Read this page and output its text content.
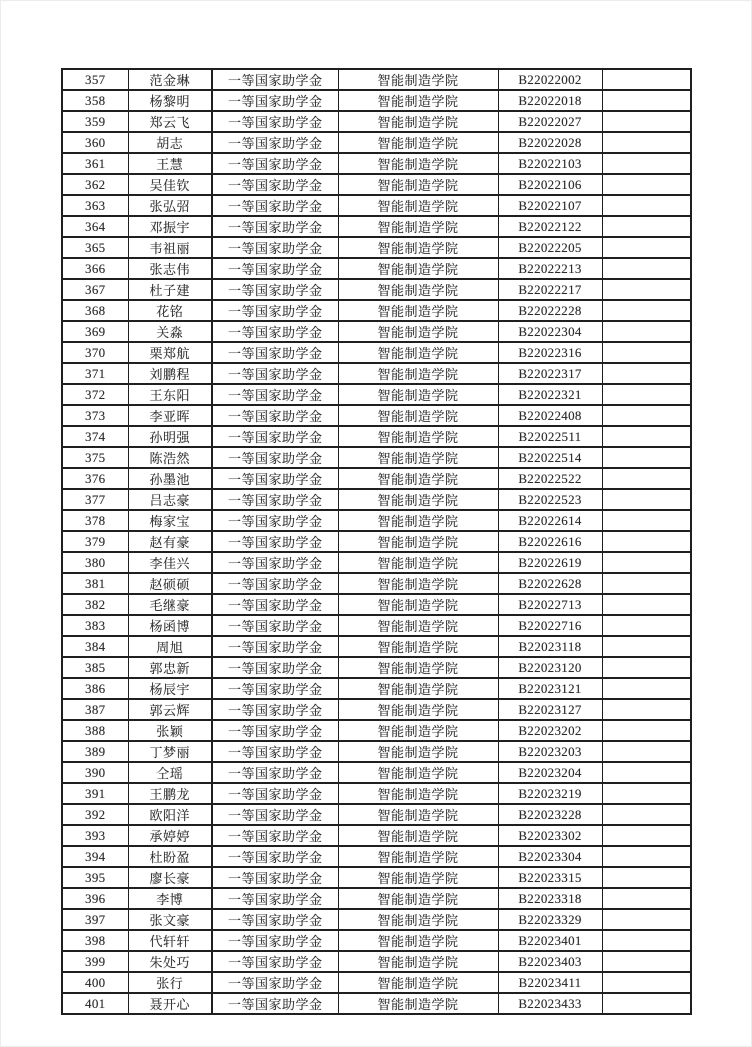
357	范金琳	一等国家助学金	智能制造学院	B22022002	
358	杨黎明	一等国家助学金	智能制造学院	B22022018	
359	郑云飞	一等国家助学金	智能制造学院	B22022027	
360	胡志	一等国家助学金	智能制造学院	B22022028	
361	王慧	一等国家助学金	智能制造学院	B22022103	
362	吴佳钦	一等国家助学金	智能制造学院	B22022106	
363	张弘弨	一等国家助学金	智能制造学院	B22022107	
364	邓振宇	一等国家助学金	智能制造学院	B22022122	
365	韦祖丽	一等国家助学金	智能制造学院	B22022205	
366	张志伟	一等国家助学金	智能制造学院	B22022213	
367	杜子建	一等国家助学金	智能制造学院	B22022217	
368	花铭	一等国家助学金	智能制造学院	B22022228	
369	关淼	一等国家助学金	智能制造学院	B22022304	
370	栗郑航	一等国家助学金	智能制造学院	B22022316	
371	刘鹏程	一等国家助学金	智能制造学院	B22022317	
372	王东阳	一等国家助学金	智能制造学院	B22022321	
373	李亚晖	一等国家助学金	智能制造学院	B22022408	
374	孙明强	一等国家助学金	智能制造学院	B22022511	
375	陈浩然	一等国家助学金	智能制造学院	B22022514	
376	孙墨池	一等国家助学金	智能制造学院	B22022522	
377	吕志豪	一等国家助学金	智能制造学院	B22022523	
378	梅家宝	一等国家助学金	智能制造学院	B22022614	
379	赵有豪	一等国家助学金	智能制造学院	B22022616	
380	李佳兴	一等国家助学金	智能制造学院	B22022619	
381	赵硕硕	一等国家助学金	智能制造学院	B22022628	
382	毛继豪	一等国家助学金	智能制造学院	B22022713	
383	杨函博	一等国家助学金	智能制造学院	B22022716	
384	周旭	一等国家助学金	智能制造学院	B22023118	
385	郭忠新	一等国家助学金	智能制造学院	B22023120	
386	杨辰宇	一等国家助学金	智能制造学院	B22023121	
387	郭云辉	一等国家助学金	智能制造学院	B22023127	
388	张颖	一等国家助学金	智能制造学院	B22023202	
389	丁梦丽	一等国家助学金	智能制造学院	B22023203	
390	仝瑶	一等国家助学金	智能制造学院	B22023204	
391	王鹏龙	一等国家助学金	智能制造学院	B22023219	
392	欧阳洋	一等国家助学金	智能制造学院	B22023228	
393	承婷婷	一等国家助学金	智能制造学院	B22023302	
394	杜盼盈	一等国家助学金	智能制造学院	B22023304	
395	廖长豪	一等国家助学金	智能制造学院	B22023315	
396	李博	一等国家助学金	智能制造学院	B22023318	
397	张文豪	一等国家助学金	智能制造学院	B22023329	
398	代轩轩	一等国家助学金	智能制造学院	B22023401	
399	朱处巧	一等国家助学金	智能制造学院	B22023403	
400	张行	一等国家助学金	智能制造学院	B22023411	
401	聂开心	一等国家助学金	智能制造学院	B22023433	
